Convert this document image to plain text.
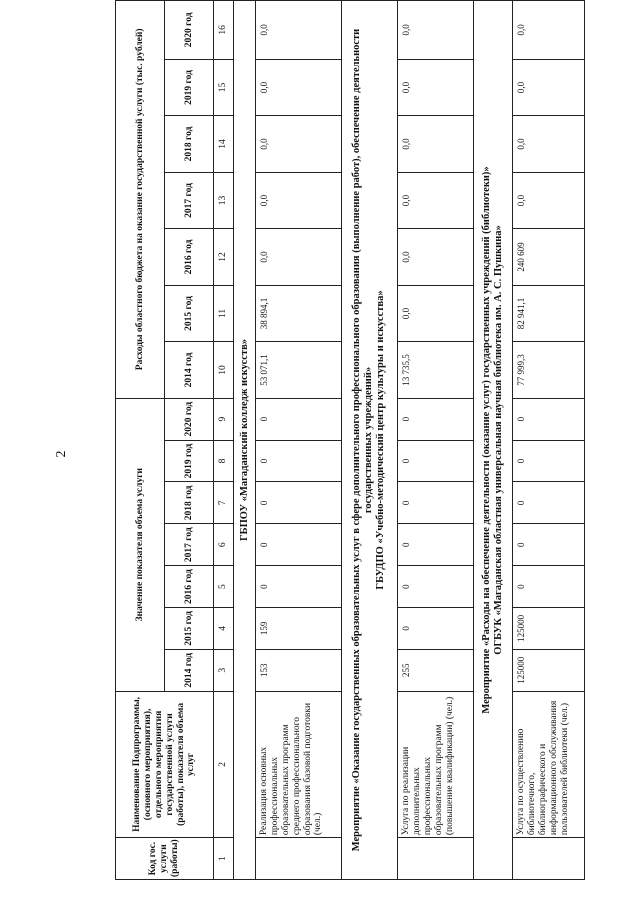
2
Код гос. услуги (работы)	Наименование Подпрограммы, (основного мероприятия), отдельного мероприятия государственной услуги (работы), показателя объема услуг	Значение показателя объема услуги							Расходы областного бюджета на оказание государственной услуги (тыс. рублей)						
		2014 год	2015 год	2016 год	2017 год	2018 год	2019 год	2020 год	2014 год	2015 год	2016 год	2017 год	2018 год	2019 год	2020 год
1	2	3	4	5	6	7	8	9	10	11	12	13	14	15	16
ГБПОУ «Магаданский колледж искусств»															
	Реализация основных профессиональных образовательных программ среднего профессионального образования базовой подготовки (чел.)	153	159	0	0	0	0	0	53 071,1	38 894,1	0,0	0,0	0,0	0,0	0,0

Мероприятие «Оказание государственных образовательных услуг в сфере дополнительного профессионального образования (выполнение работ), обеспечение деятельности государственных учреждений» ГБУДПО «Учебно-методический центр культуры и искусства»															

	Услуга по реализации дополнительных профессиональных образовательных программ (повышение квалификации) (чел.)	255	0	0	0	0	0	0	13 735,5	0,0	0,0	0,0	0,0	0,0	0,0

Мероприятие «Расходы на обеспечение деятельности (оказание услуг) государственных учреждений (библиотеки)» ОГБУК «Магаданская областная универсальная научная библиотека им. А. С. Пушкина»															

	Услуга по осуществлению библиотечного, библиографического и информационного обслуживания пользователей библиотеки (чел.)	125000	125000	0	0	0	0	0	77 999,3	82 941,1	240 609	0,0	0,0	0,0	0,0
